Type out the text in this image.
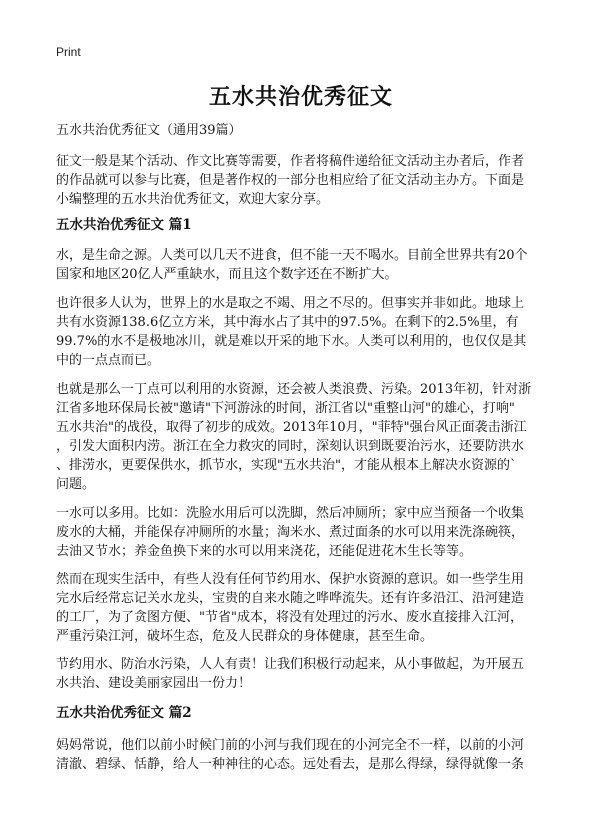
Print
五水共治优秀征文
五水共治优秀征文（通用39篇）
征文一般是某个活动、作文比赛等需要，作者将稿件递给征文活动主办者后，作者
的作品就可以参与比赛，但是著作权的一部分也相应给了征文活动主办方。下面是
小编整理的五水共治优秀征文，欢迎大家分享。
五水共治优秀征文 篇1
水，是生命之源。人类可以几天不进食，但不能一天不喝水。目前全世界共有20个
国家和地区20亿人严重缺水，而且这个数字还在不断扩大。
也许很多人认为，世界上的水是取之不竭、用之不尽的。但事实并非如此。地球上
共有水资源138.6亿立方米，其中海水占了其中的97.5%。在剩下的2.5%里，有
99.7%的水不是极地冰川，就是难以开采的地下水。人类可以利用的，也仅仅是其
中的一点点而已。
也就是那么一丁点可以利用的水资源，还会被人类浪费、污染。2013年初，针对浙
江省多地环保局长被"邀请"下河游泳的时间，浙江省以"重整山河"的雄心，打响"
五水共治"的战役，取得了初步的成效。2013年10月，"菲特"强台风正面袭击浙江
，引发大面积内涝。浙江在全力救灾的同时，深刻认识到既要治污水，还要防洪水
、排涝水，更要保供水，抓节水，实现"五水共治"，才能从根本上解决水资源的`
问题。
一水可以多用。比如：洗脸水用后可以洗脚，然后冲厕所；家中应当预备一个收集
废水的大桶，并能保存冲厕所的水量；淘米水、煮过面条的水可以用来洗涤碗筷，
去油又节水；养金鱼换下来的水可以用来浇花，还能促进花木生长等等。
然而在现实生活中，有些人没有任何节约用水、保护水资源的意识。如一些学生用
完水后经常忘记关水龙头，宝贵的自来水随之哗哗流失。还有许多沿江、沿河建造
的工厂，为了贪图方便、"节省"成本，将没有处理过的污水、废水直接排入江河，
严重污染江河，破坏生态，危及人民群众的身体健康，甚至生命。
节约用水、防治水污染，人人有责！让我们积极行动起来，从小事做起，为开展五
水共治、建设美丽家园出一份力！
五水共治优秀征文 篇2
妈妈常说，他们以前小时候门前的小河与我们现在的小河完全不一样，以前的小河
清澈、碧绿、恬静，给人一种神往的心态。远处看去，是那么得绿，绿得就像一条
